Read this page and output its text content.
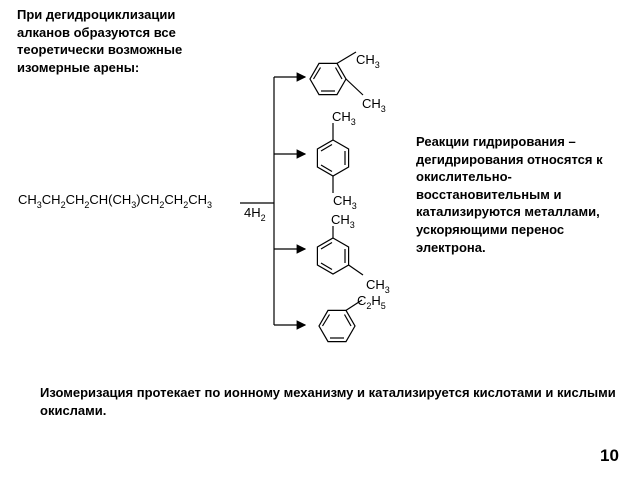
При дегидроциклизации алканов образуются все теоретически возможные изомерные арены:
Реакции гидрирования – дегидрирования относятся к окислительно-восстановительным и катализируются металлами, ускоряющими перенос электрона.
Изомеризация протекает по ионному механизму и катализируется кислотами и кислыми окислами.
10
$CH_3CH_2CH_2CH(CH_3)CH_2CH_2CH_3$ $4H_2$
$CH_3$
$CH_3$
$CH_3$
$CH_3$
$CH_3$
$CH_3$
$C_2H_5$
